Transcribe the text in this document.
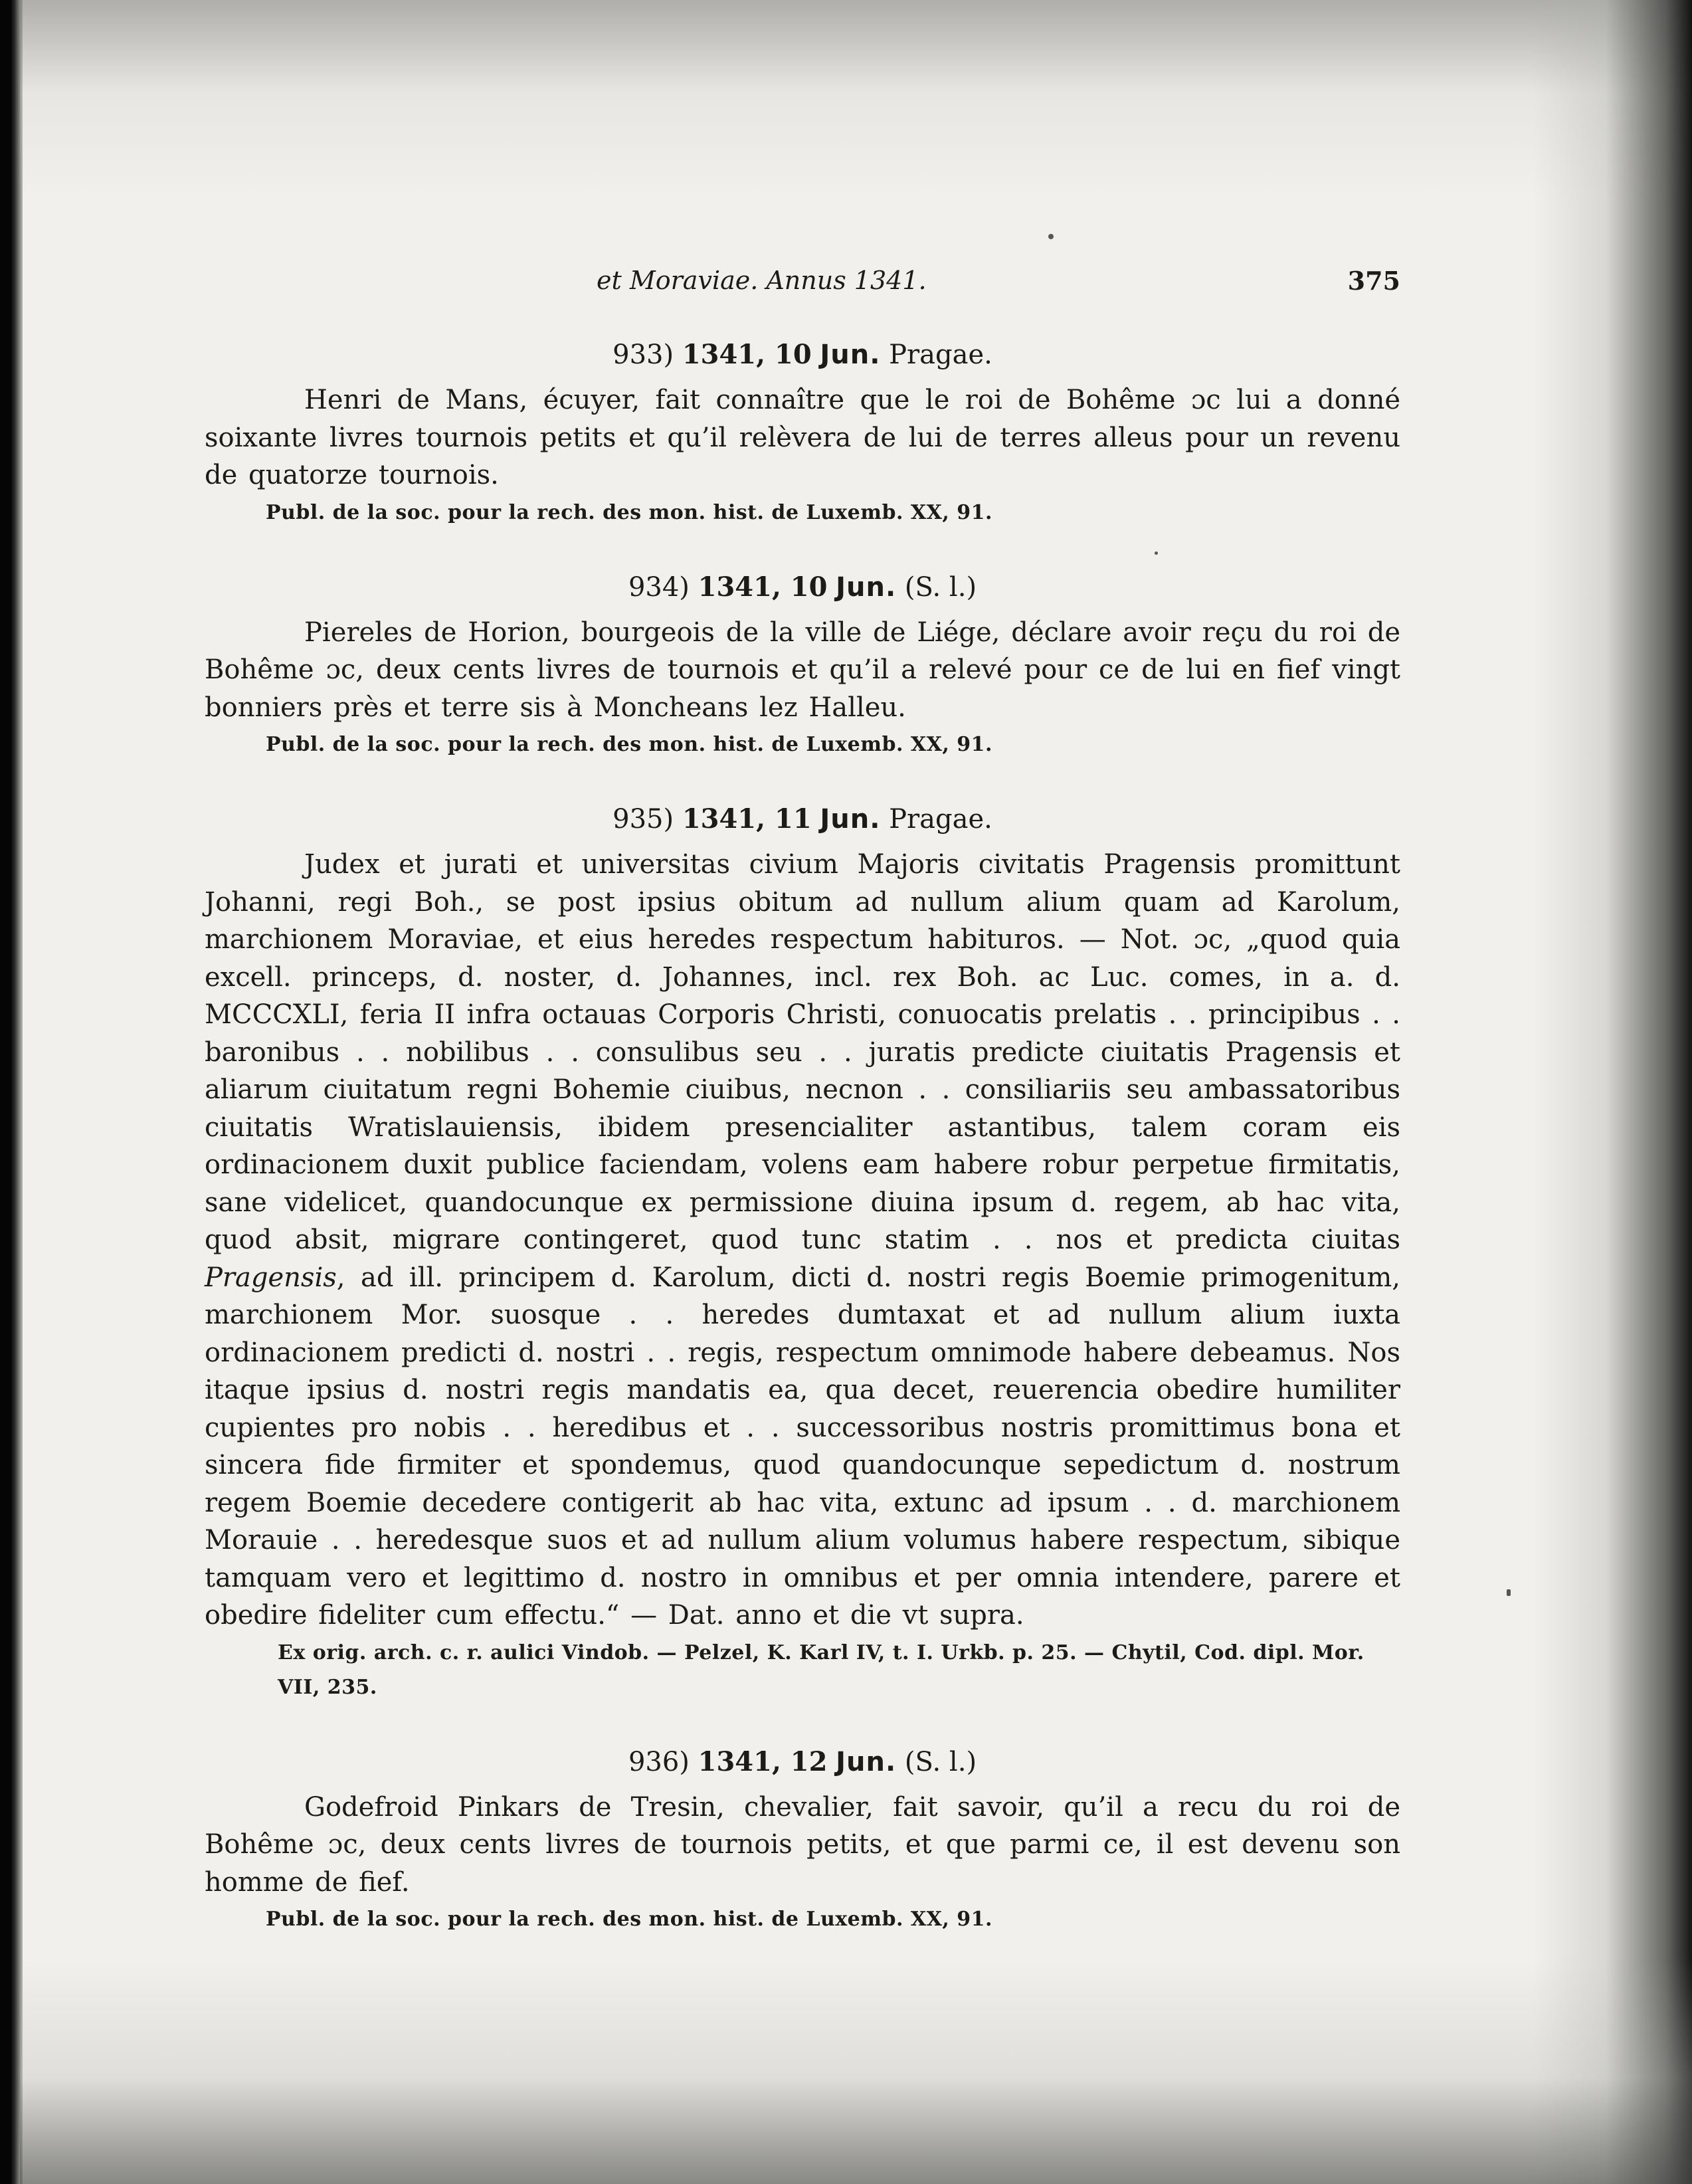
et Moraviae. Annus 1341.	375
933) 1341, 10 Jun. Pragae.

Henri de Mans, écuyer, fait connaître que le roi de Bohême ɔc lui a donné soixante livres tournois petits et qu’il relèvera de lui de terres alleus pour un revenu de quatorze tournois.

Publ. de la soc. pour la rech. des mon. hist. de Luxemb. XX, 91.
934) 1341, 10 Jun. (S. l.)

Piereles de Horion, bourgeois de la ville de Liége, déclare avoir reçu du roi de Bohême ɔc, deux cents livres de tournois et qu’il a relevé pour ce de lui en fief vingt bonniers près et terre sis à Moncheans lez Halleu.

Publ. de la soc. pour la rech. des mon. hist. de Luxemb. XX, 91.
935) 1341, 11 Jun. Pragae.

Judex et jurati et universitas civium Majoris civitatis Pragensis promittunt Johanni, regi Boh., se post ipsius obitum ad nullum alium quam ad Karolum, marchionem Moraviae, et eius heredes respectum habituros. — Not. ɔc, „quod quia excell. princeps, d. noster, d. Johannes, incl. rex Boh. ac Luc. comes, in a. d. MCCCXLI, feria II infra octauas Corporis Christi, conuocatis prelatis . . principibus . . baronibus . . nobilibus . . consulibus seu . . juratis predicte ciuitatis Pragensis et aliarum ciuitatum regni Bohemie ciuibus, necnon . . consiliariis seu ambassatoribus ciuitatis Wratislauiensis, ibidem presencialiter astantibus, talem coram eis ordinacionem duxit publice faciendam, volens eam habere robur perpetue firmitatis, sane videlicet, quandocunque ex permissione diuina ipsum d. regem, ab hac vita, quod absit, migrare contingeret, quod tunc statim . . nos et predicta ciuitas Pragensis, ad ill. principem d. Karolum, dicti d. nostri regis Boemie primogenitum, marchionem Mor. suosque . . heredes dumtaxat et ad nullum alium iuxta ordinacionem predicti d. nostri . . regis, respectum omnimode habere debeamus. Nos itaque ipsius d. nostri regis mandatis ea, qua decet, reuerencia obedire humiliter cupientes pro nobis . . heredibus et . . successoribus nostris promittimus bona et sincera fide firmiter et spondemus, quod quandocunque sepedictum d. nostrum regem Boemie decedere contigerit ab hac vita, extunc ad ipsum . . d. marchionem Morauie . . heredesque suos et ad nullum alium volumus habere respectum, sibique tamquam vero et legittimo d. nostro in omnibus et per omnia intendere, parere et obedire fideliter cum effectu.“ — Dat. anno et die vt supra.

Ex orig. arch. c. r. aulici Vindob. — Pelzel, K. Karl IV, t. I. Urkb. p. 25. — Chytil, Cod. dipl. Mor. VII, 235.
936) 1341, 12 Jun. (S. l.)

Godefroid Pinkars de Tresin, chevalier, fait savoir, qu’il a recu du roi de Bohême ɔc, deux cents livres de tournois petits, et que parmi ce, il est devenu son homme de fief.

Publ. de la soc. pour la rech. des mon. hist. de Luxemb. XX, 91.
